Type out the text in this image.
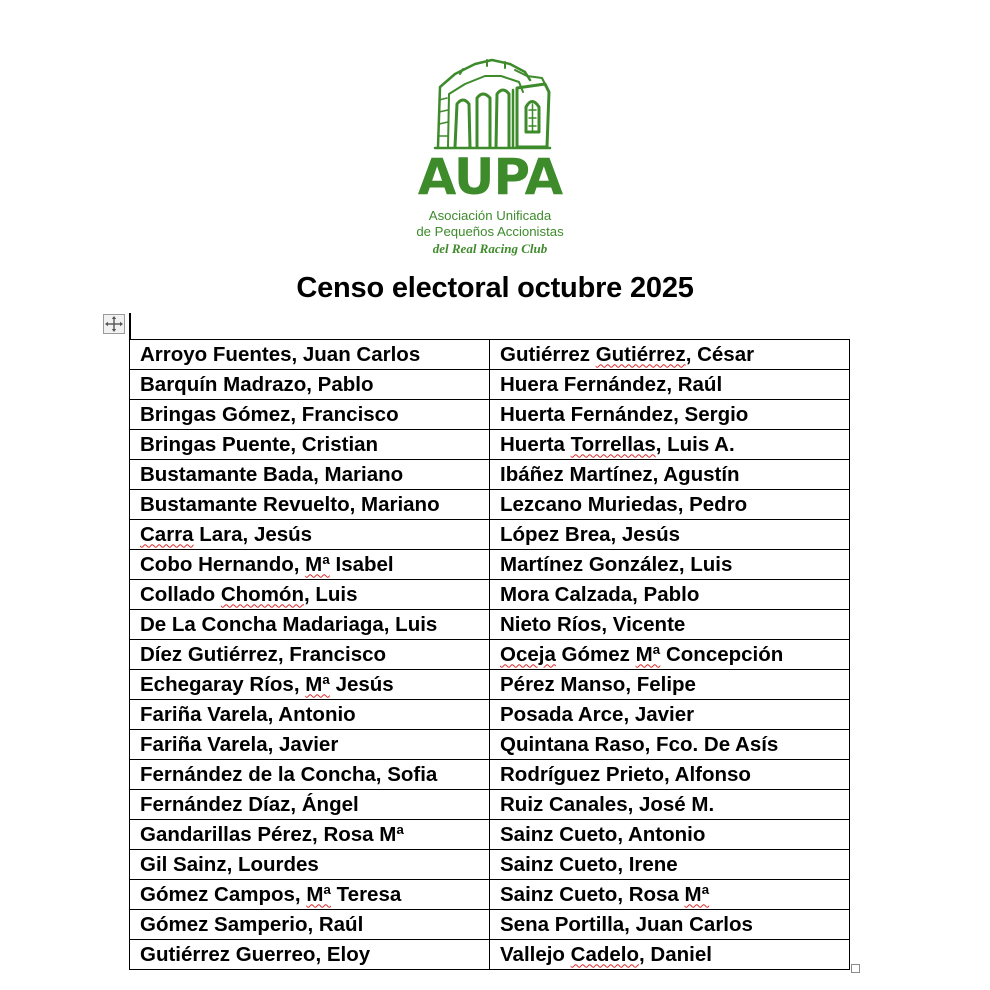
AUPA
Asociación Unificada
de Pequeños Accionistas
del Real Racing Club
Censo electoral octubre 2025
Arroyo Fuentes, Juan Carlos	Gutiérrez Gutiérrez, César
Barquín Madrazo, Pablo	Huera Fernández, Raúl
Bringas Gómez, Francisco	Huerta Fernández, Sergio
Bringas Puente, Cristian	Huerta Torrellas, Luis A.
Bustamante Bada, Mariano	Ibáñez Martínez, Agustín
Bustamante Revuelto, Mariano	Lezcano Muriedas, Pedro
Carra Lara, Jesús	López Brea, Jesús
Cobo Hernando, Mª Isabel	Martínez González, Luis
Collado Chomón, Luis	Mora Calzada, Pablo
De La Concha Madariaga, Luis	Nieto Ríos, Vicente
Díez Gutiérrez, Francisco	Oceja Gómez Mª Concepción
Echegaray Ríos, Mª Jesús	Pérez Manso, Felipe
Fariña Varela, Antonio	Posada Arce, Javier
Fariña Varela, Javier	Quintana Raso, Fco. De Asís
Fernández de la Concha, Sofia	Rodríguez Prieto, Alfonso
Fernández Díaz, Ángel	Ruiz Canales, José M.
Gandarillas Pérez, Rosa Mª	Sainz Cueto, Antonio
Gil Sainz, Lourdes	Sainz Cueto, Irene
Gómez Campos, Mª Teresa	Sainz Cueto, Rosa Mª
Gómez Samperio, Raúl	Sena Portilla, Juan Carlos
Gutiérrez Guerreo, Eloy	Vallejo Cadelo, Daniel
